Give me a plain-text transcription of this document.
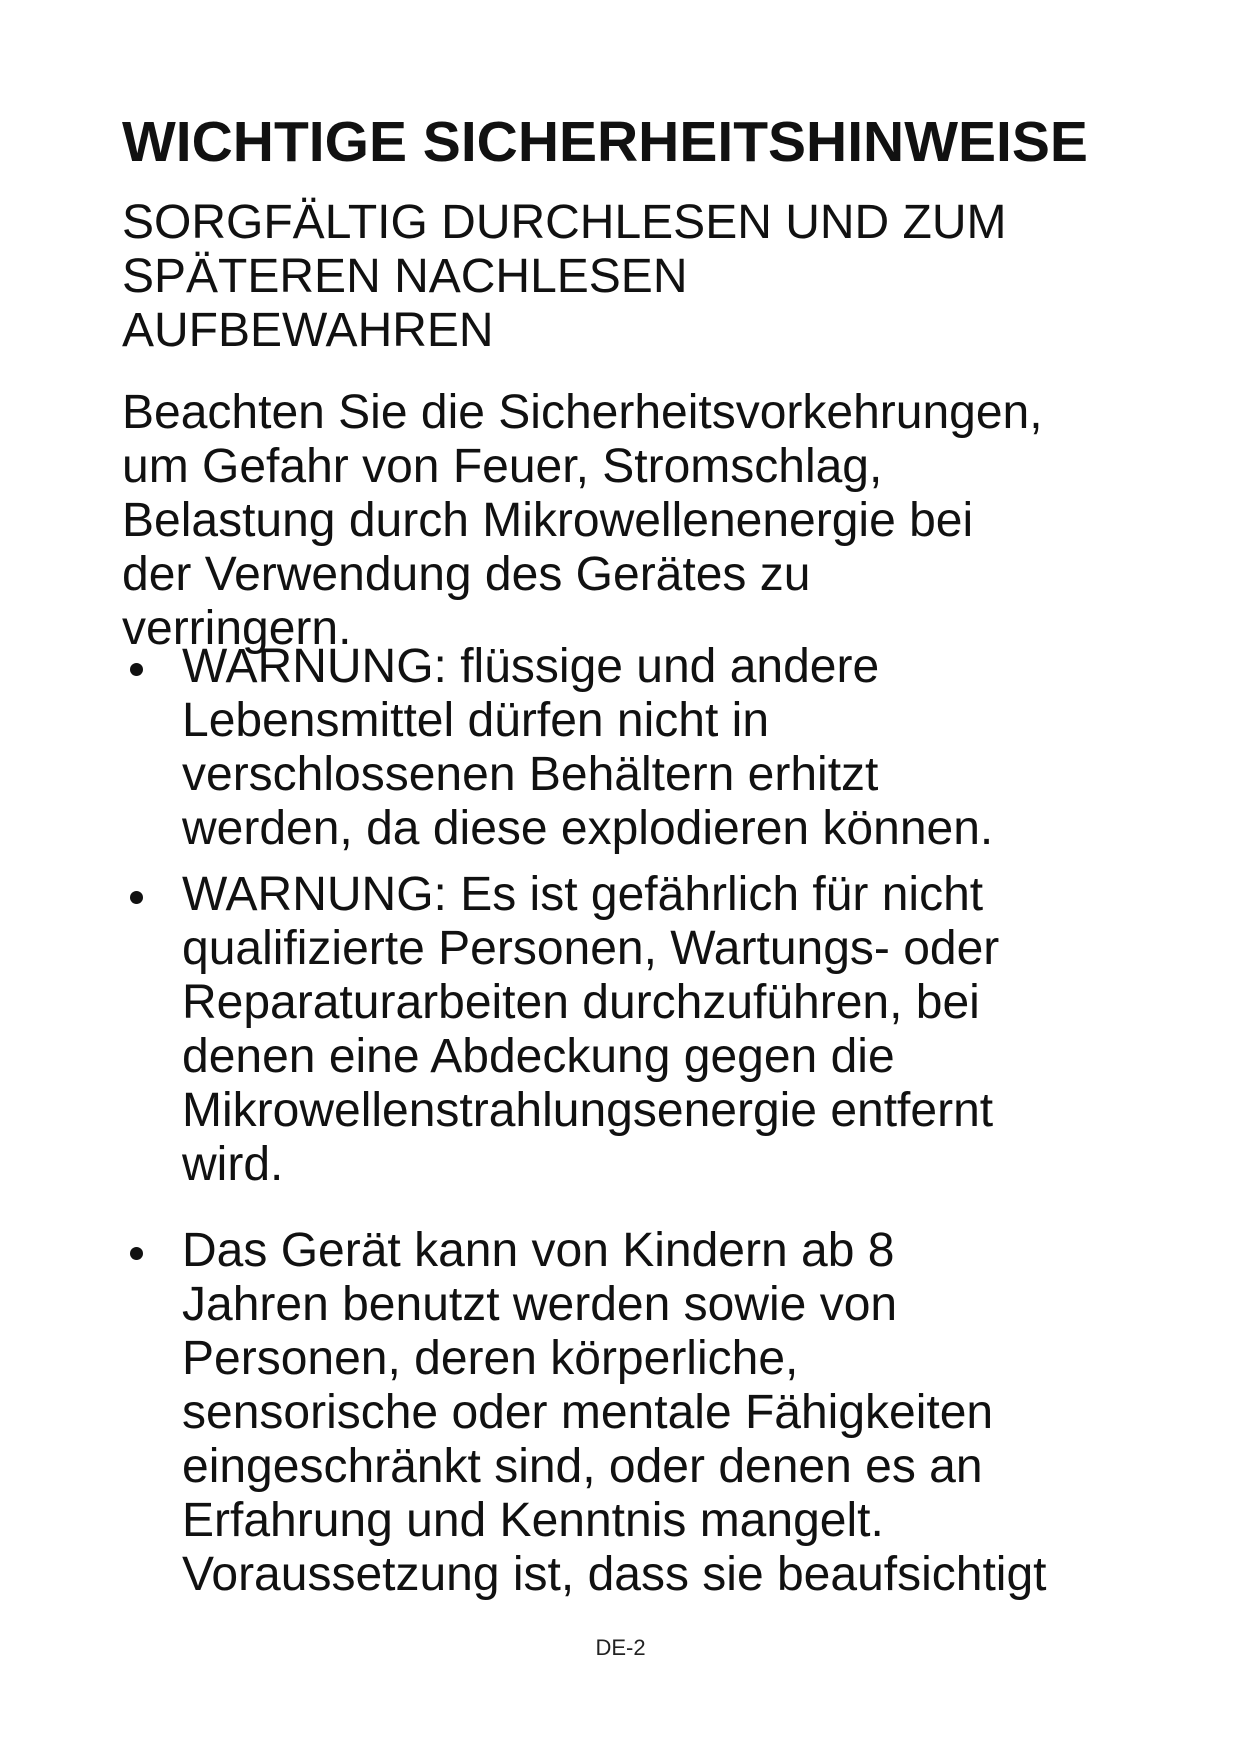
WICHTIGE SICHERHEITSHINWEISE
SORGFÄLTIG DURCHLESEN UND ZUM
SPÄTEREN NACHLESEN
AUFBEWAHREN

Beachten Sie die Sicherheitsvorkehrungen,
um Gefahr von Feuer, Stromschlag,
Belastung durch Mikrowellenenergie bei
der Verwendung des Gerätes zu
verringern.

WARNUNG: flüssige und andere
Lebensmittel dürfen nicht in
verschlossenen Behältern erhitzt
werden, da diese explodieren können.
WARNUNG: Es ist gefährlich für nicht
qualifizierte Personen, Wartungs- oder
Reparaturarbeiten durchzuführen, bei
denen eine Abdeckung gegen die
Mikrowellenstrahlungsenergie entfernt
wird.
Das Gerät kann von Kindern ab 8
Jahren benutzt werden sowie von
Personen, deren körperliche,
sensorische oder mentale Fähigkeiten
eingeschränkt sind, oder denen es an
Erfahrung und Kenntnis mangelt.
Voraussetzung ist, dass sie beaufsichtigt
DE-2
